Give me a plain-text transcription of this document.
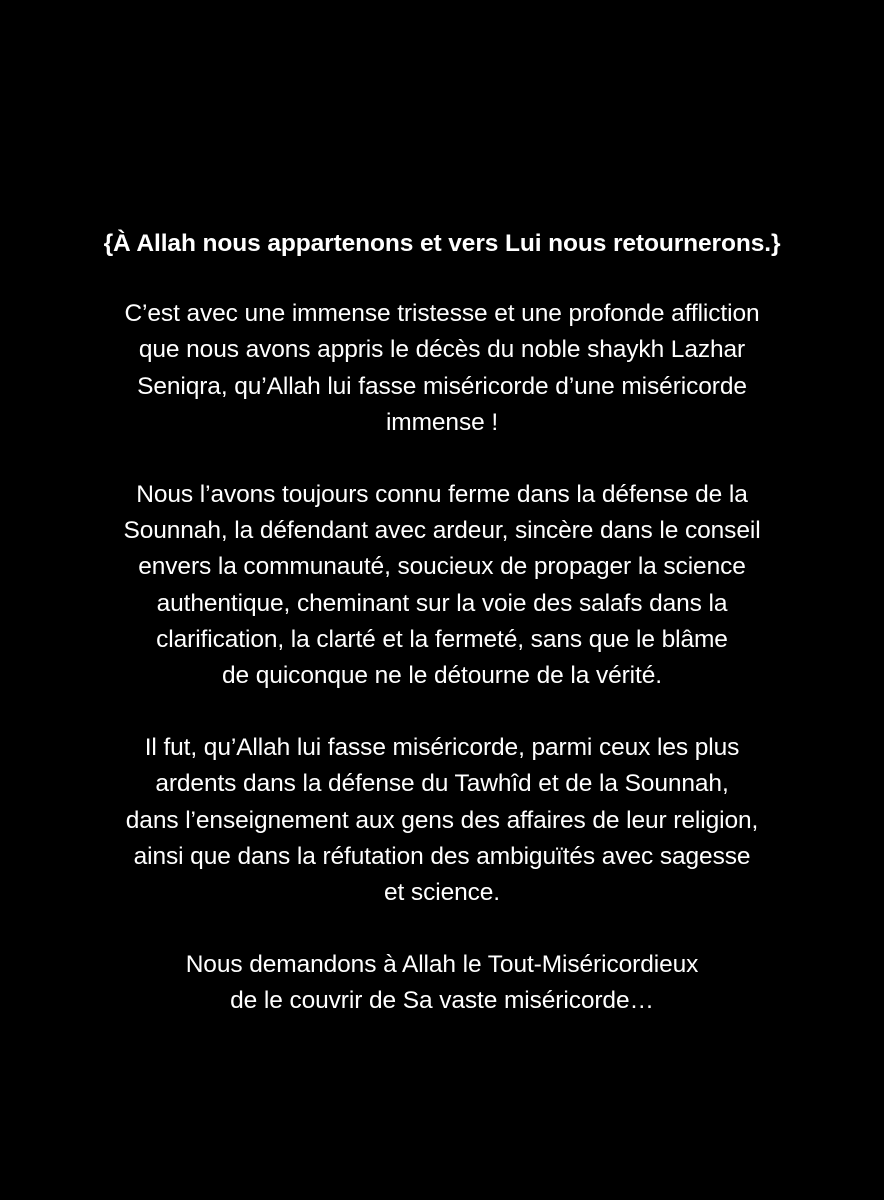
{À Allah nous appartenons et vers Lui nous retournerons.}
C’est avec une immense tristesse et une profonde affliction
que nous avons appris le décès du noble shaykh Lazhar
Seniqra, qu’Allah lui fasse miséricorde d’une miséricorde
immense !
Nous l’avons toujours connu ferme dans la défense de la
Sounnah, la défendant avec ardeur, sincère dans le conseil
envers la communauté, soucieux de propager la science
authentique, cheminant sur la voie des salafs dans la
clarification, la clarté et la fermeté, sans que le blâme
de quiconque ne le détourne de la vérité.
Il fut, qu’Allah lui fasse miséricorde, parmi ceux les plus
ardents dans la défense du Tawhîd et de la Sounnah,
dans l’enseignement aux gens des affaires de leur religion,
ainsi que dans la réfutation des ambiguïtés avec sagesse
et science.
Nous demandons à Allah le Tout-Miséricordieux
de le couvrir de Sa vaste miséricorde…
